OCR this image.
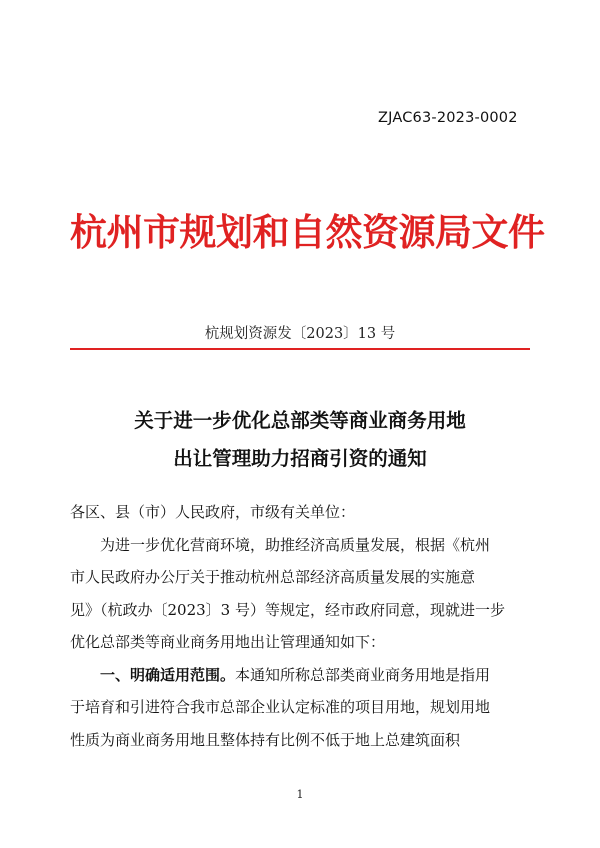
ZJAC63-2023-0002
杭州市规划和自然资源局文件
杭规划资源发〔2023〕13 号
关于进一步优化总部类等商业商务用地
出让管理助力招商引资的通知
各区、县（市）人民政府，市级有关单位：
为进一步优化营商环境，助推经济高质量发展，根据《杭州
市人民政府办公厅关于推动杭州总部经济高质量发展的实施意
见》（杭政办〔2023〕3 号）等规定，经市政府同意，现就进一步
优化总部类等商业商务用地出让管理通知如下：
一、明确适用范围。本通知所称总部类商业商务用地是指用
于培育和引进符合我市总部企业认定标准的项目用地，规划用地
性质为商业商务用地且整体持有比例不低于地上总建筑面积
1
